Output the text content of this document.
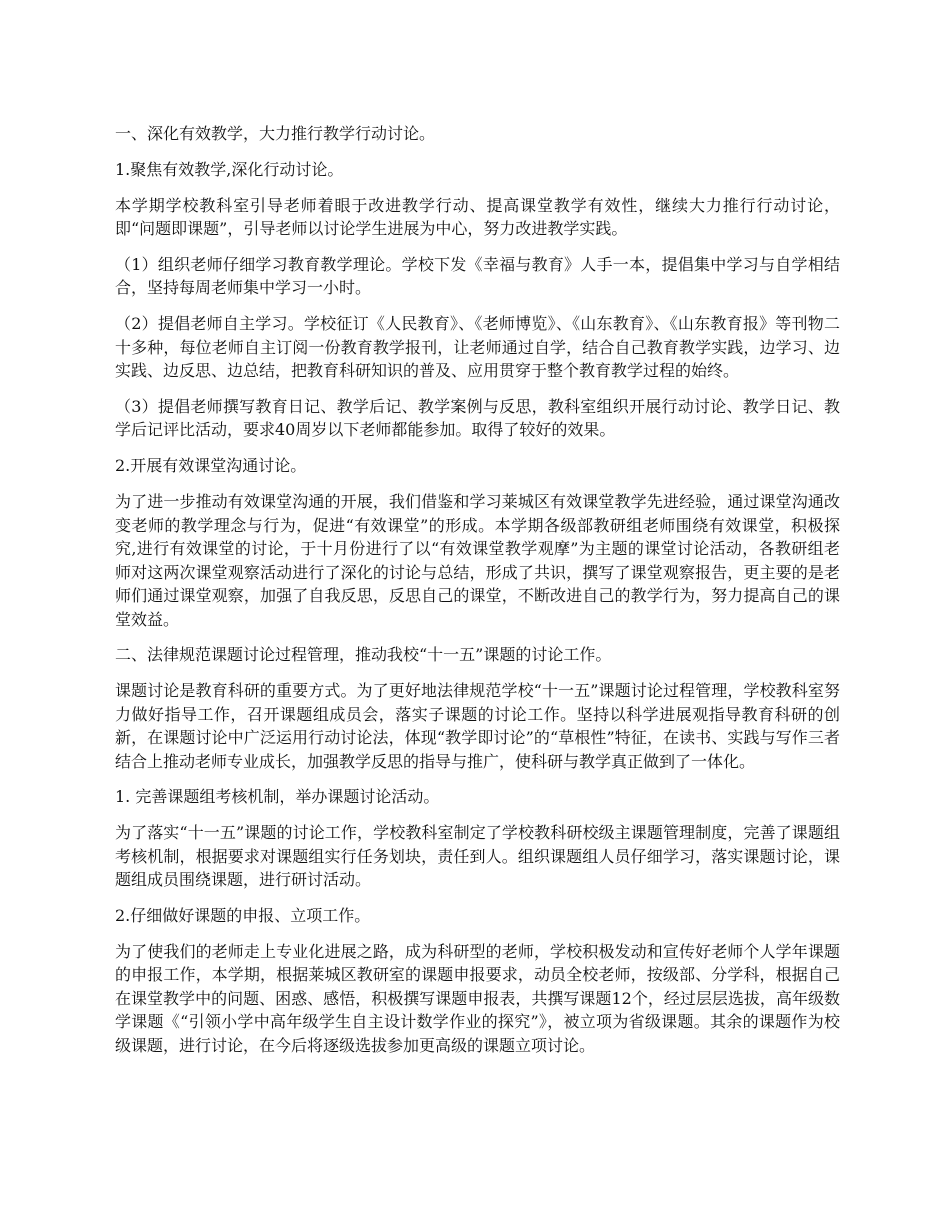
一、深化有效教学，大力推行教学行动讨论。

1.聚焦有效教学,深化行动讨论。

本学期学校教科室引导老师着眼于改进教学行动、提高课堂教学有效性，继续大力推行行动讨论，即“问题即课题”，引导老师以讨论学生进展为中心，努力改进教学实践。

（1）组织老师仔细学习教育教学理论。学校下发《幸福与教育》人手一本，提倡集中学习与自学相结合，坚持每周老师集中学习一小时。

（2）提倡老师自主学习。学校征订《人民教育》、《老师博览》、《山东教育》、《山东教育报》等刊物二十多种，每位老师自主订阅一份教育教学报刊，让老师通过自学，结合自己教育教学实践，边学习、边实践、边反思、边总结，把教育科研知识的普及、应用贯穿于整个教育教学过程的始终。

（3）提倡老师撰写教育日记、教学后记、教学案例与反思，教科室组织开展行动讨论、教学日记、教学后记评比活动，要求40周岁以下老师都能参加。取得了较好的效果。

2.开展有效课堂沟通讨论。

为了进一步推动有效课堂沟通的开展，我们借鉴和学习莱城区有效课堂教学先进经验，通过课堂沟通改变老师的教学理念与行为，促进“有效课堂”的形成。本学期各级部教研组老师围绕有效课堂，积极探究,进行有效课堂的讨论，于十月份进行了以“有效课堂教学观摩”为主题的课堂讨论活动，各教研组老师对这两次课堂观察活动进行了深化的讨论与总结，形成了共识，撰写了课堂观察报告，更主要的是老师们通过课堂观察，加强了自我反思，反思自己的课堂，不断改进自己的教学行为，努力提高自己的课堂效益。

二、法律规范课题讨论过程管理，推动我校“十一五”课题的讨论工作。

课题讨论是教育科研的重要方式。为了更好地法律规范学校“十一五”课题讨论过程管理，学校教科室努力做好指导工作，召开课题组成员会，落实子课题的讨论工作。坚持以科学进展观指导教育科研的创新，在课题讨论中广泛运用行动讨论法，体现“教学即讨论”的“草根性”特征，在读书、实践与写作三者结合上推动老师专业成长，加强教学反思的指导与推广，使科研与教学真正做到了一体化。

1. 完善课题组考核机制，举办课题讨论活动。

为了落实“十一五”课题的讨论工作，学校教科室制定了学校教科研校级主课题管理制度，完善了课题组考核机制，根据要求对课题组实行任务划块，责任到人。组织课题组人员仔细学习，落实课题讨论，课题组成员围绕课题，进行研讨活动。

2.仔细做好课题的申报、立项工作。

为了使我们的老师走上专业化进展之路，成为科研型的老师，学校积极发动和宣传好老师个人学年课题的申报工作，本学期，根据莱城区教研室的课题申报要求，动员全校老师，按级部、分学科，根据自己在课堂教学中的问题、困惑、感悟，积极撰写课题申报表，共撰写课题12个，经过层层选拔，高年级数学课题《“引领小学中高年级学生自主设计数学作业的探究”》，被立项为省级课题。其余的课题作为校级课题，进行讨论，在今后将逐级选拔参加更高级的课题立项讨论。
